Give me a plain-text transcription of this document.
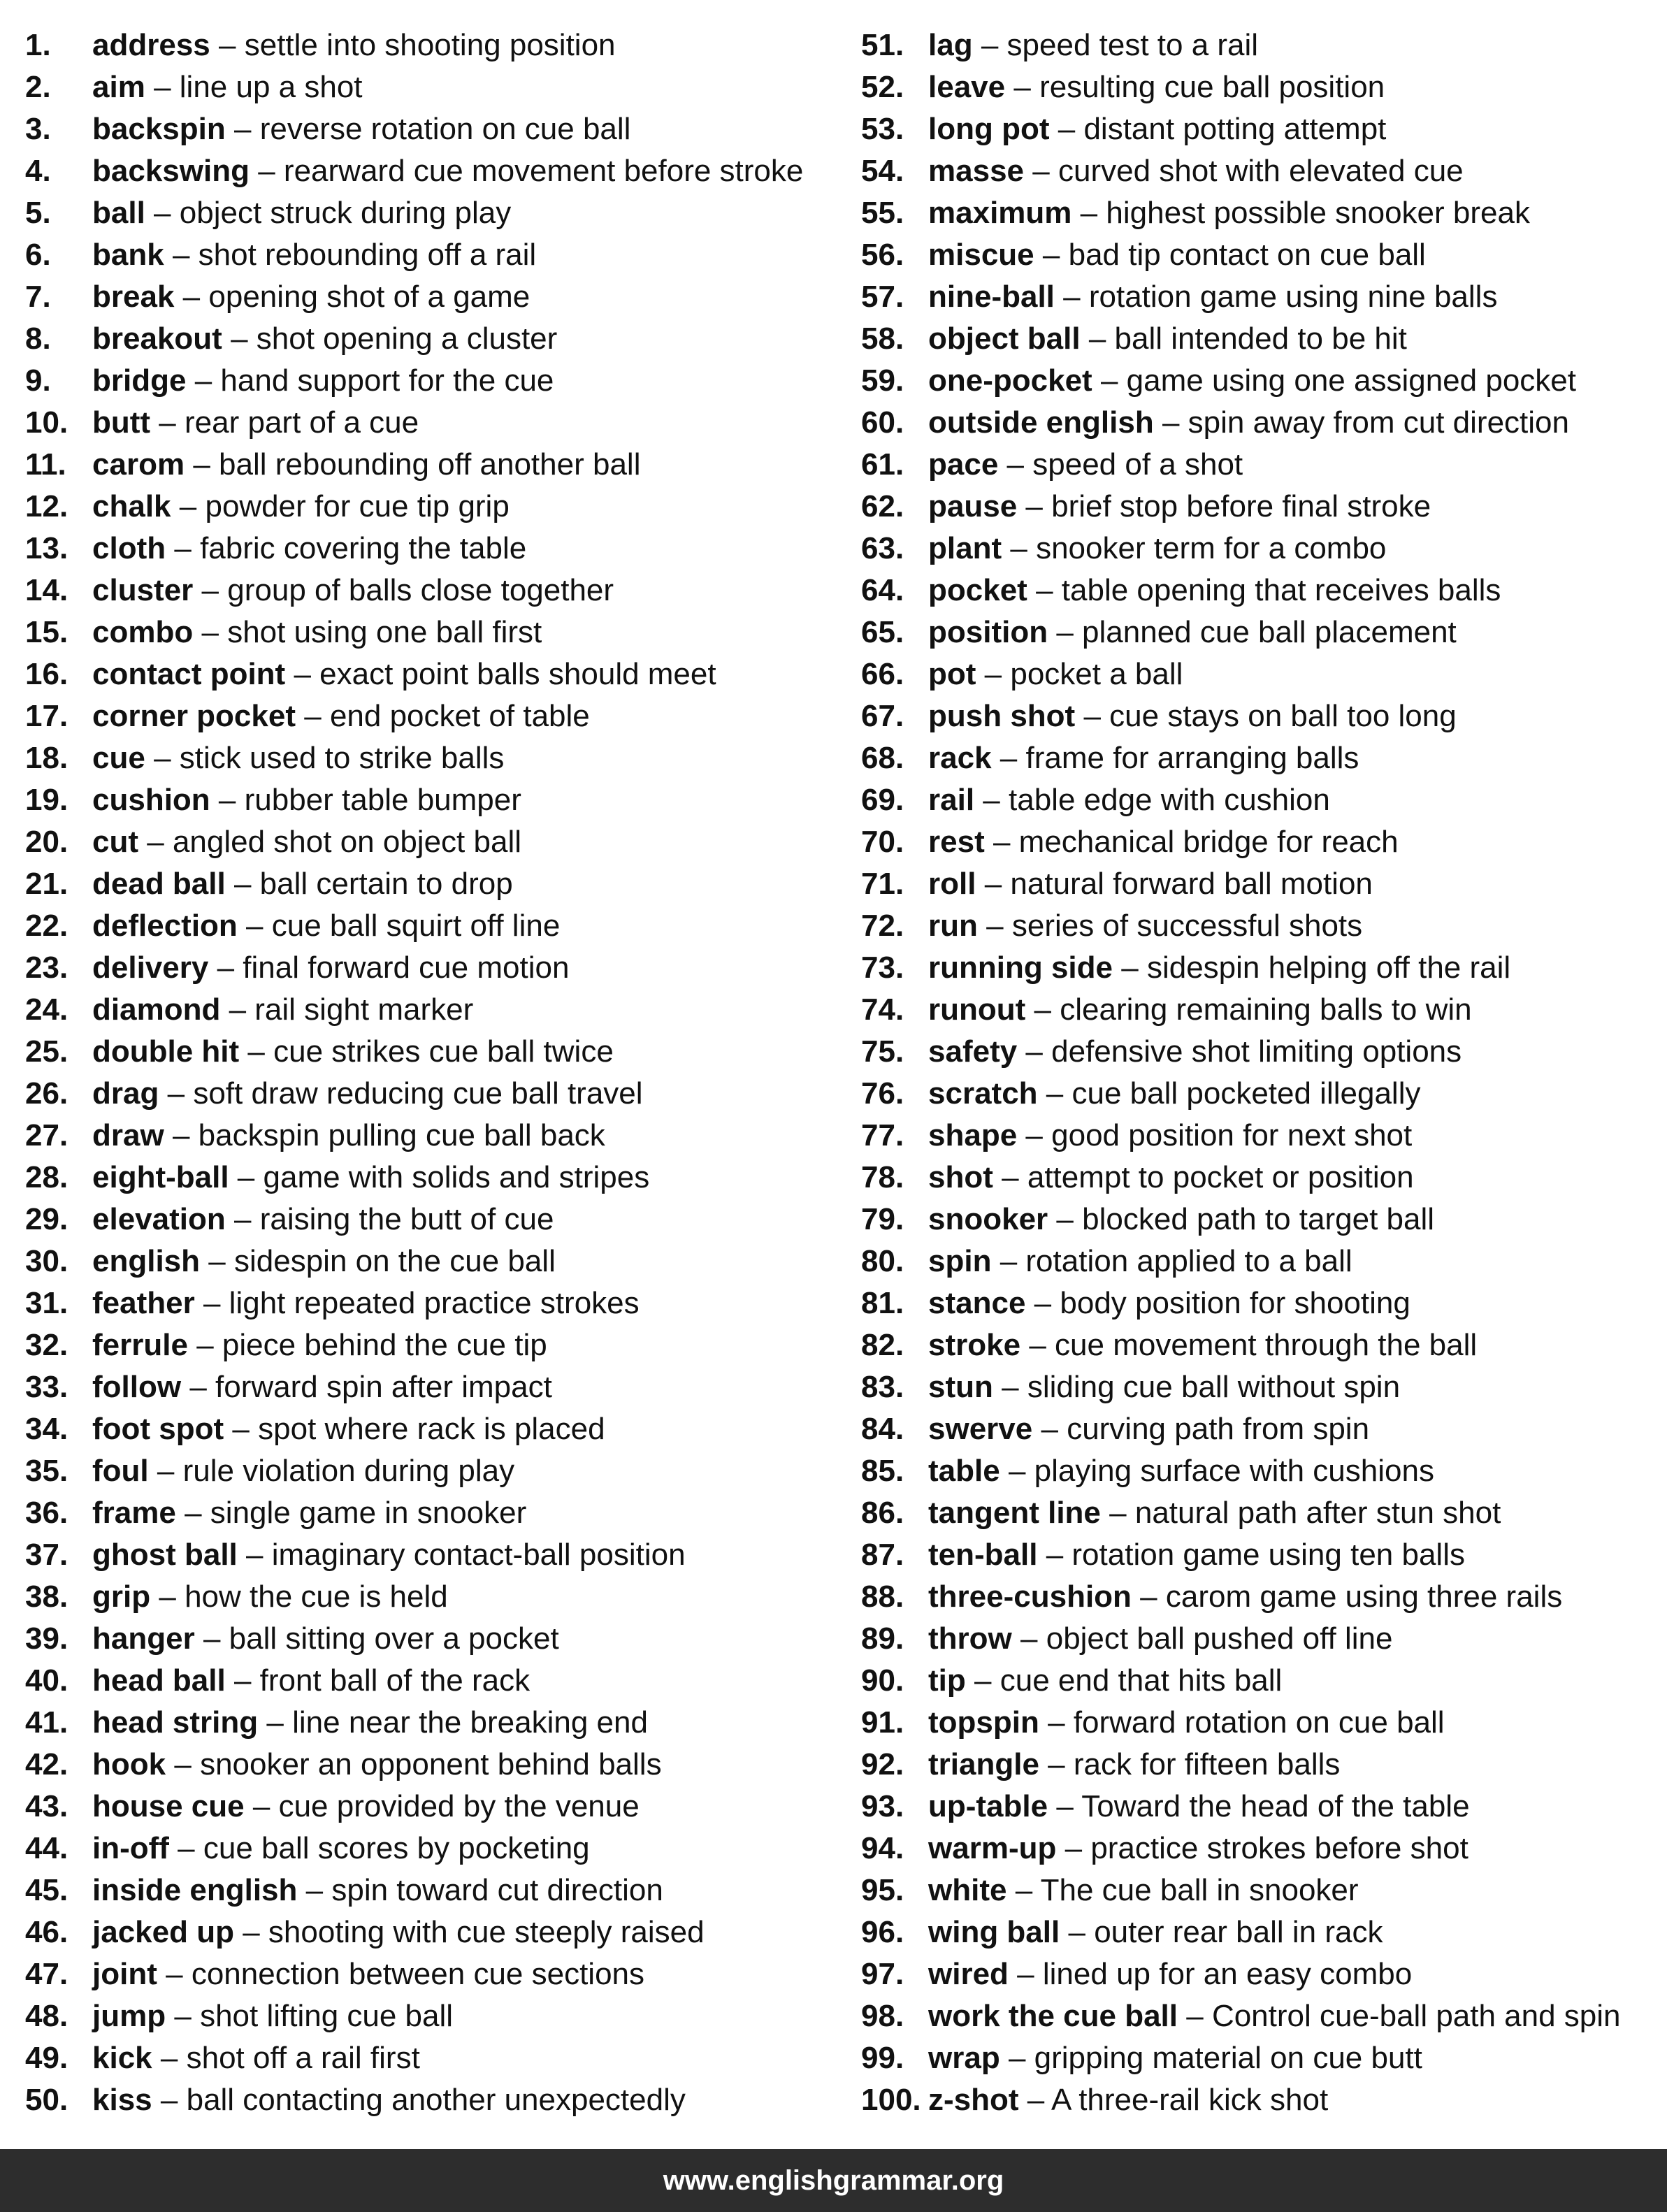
1. address – settle into shooting position
2. aim – line up a shot
3. backspin – reverse rotation on cue ball
4. backswing – rearward cue movement before stroke
5. ball – object struck during play
6. bank – shot rebounding off a rail
7. break – opening shot of a game
8. breakout – shot opening a cluster
9. bridge – hand support for the cue
10. butt – rear part of a cue
11. carom – ball rebounding off another ball
12. chalk – powder for cue tip grip
13. cloth – fabric covering the table
14. cluster – group of balls close together
15. combo – shot using one ball first
16. contact point – exact point balls should meet
17. corner pocket – end pocket of table
18. cue – stick used to strike balls
19. cushion – rubber table bumper
20. cut – angled shot on object ball
21. dead ball – ball certain to drop
22. deflection – cue ball squirt off line
23. delivery – final forward cue motion
24. diamond – rail sight marker
25. double hit – cue strikes cue ball twice
26. drag – soft draw reducing cue ball travel
27. draw – backspin pulling cue ball back
28. eight-ball – game with solids and stripes
29. elevation – raising the butt of cue
30. english – sidespin on the cue ball
31. feather – light repeated practice strokes
32. ferrule – piece behind the cue tip
33. follow – forward spin after impact
34. foot spot – spot where rack is placed
35. foul – rule violation during play
36. frame – single game in snooker
37. ghost ball – imaginary contact-ball position
38. grip – how the cue is held
39. hanger – ball sitting over a pocket
40. head ball – front ball of the rack
41. head string – line near the breaking end
42. hook – snooker an opponent behind balls
43. house cue – cue provided by the venue
44. in-off – cue ball scores by pocketing
45. inside english – spin toward cut direction
46. jacked up – shooting with cue steeply raised
47. joint – connection between cue sections
48. jump – shot lifting cue ball
49. kick – shot off a rail first
50. kiss – ball contacting another unexpectedly
51. lag – speed test to a rail
52. leave – resulting cue ball position
53. long pot – distant potting attempt
54. masse – curved shot with elevated cue
55. maximum – highest possible snooker break
56. miscue – bad tip contact on cue ball
57. nine-ball – rotation game using nine balls
58. object ball – ball intended to be hit
59. one-pocket – game using one assigned pocket
60. outside english – spin away from cut direction
61. pace – speed of a shot
62. pause – brief stop before final stroke
63. plant – snooker term for a combo
64. pocket – table opening that receives balls
65. position – planned cue ball placement
66. pot – pocket a ball
67. push shot – cue stays on ball too long
68. rack – frame for arranging balls
69. rail – table edge with cushion
70. rest – mechanical bridge for reach
71. roll – natural forward ball motion
72. run – series of successful shots
73. running side – sidespin helping off the rail
74. runout – clearing remaining balls to win
75. safety – defensive shot limiting options
76. scratch – cue ball pocketed illegally
77. shape – good position for next shot
78. shot – attempt to pocket or position
79. snooker – blocked path to target ball
80. spin – rotation applied to a ball
81. stance – body position for shooting
82. stroke – cue movement through the ball
83. stun – sliding cue ball without spin
84. swerve – curving path from spin
85. table – playing surface with cushions
86. tangent line – natural path after stun shot
87. ten-ball – rotation game using ten balls
88. three-cushion – carom game using three rails
89. throw – object ball pushed off line
90. tip – cue end that hits ball
91. topspin – forward rotation on cue ball
92. triangle – rack for fifteen balls
93. up-table – Toward the head of the table
94. warm-up – practice strokes before shot
95. white – The cue ball in snooker
96. wing ball – outer rear ball in rack
97. wired – lined up for an easy combo
98. work the cue ball – Control cue-ball path and spin
99. wrap – gripping material on cue butt
100. z-shot – A three-rail kick shot
www.englishgrammar.org
